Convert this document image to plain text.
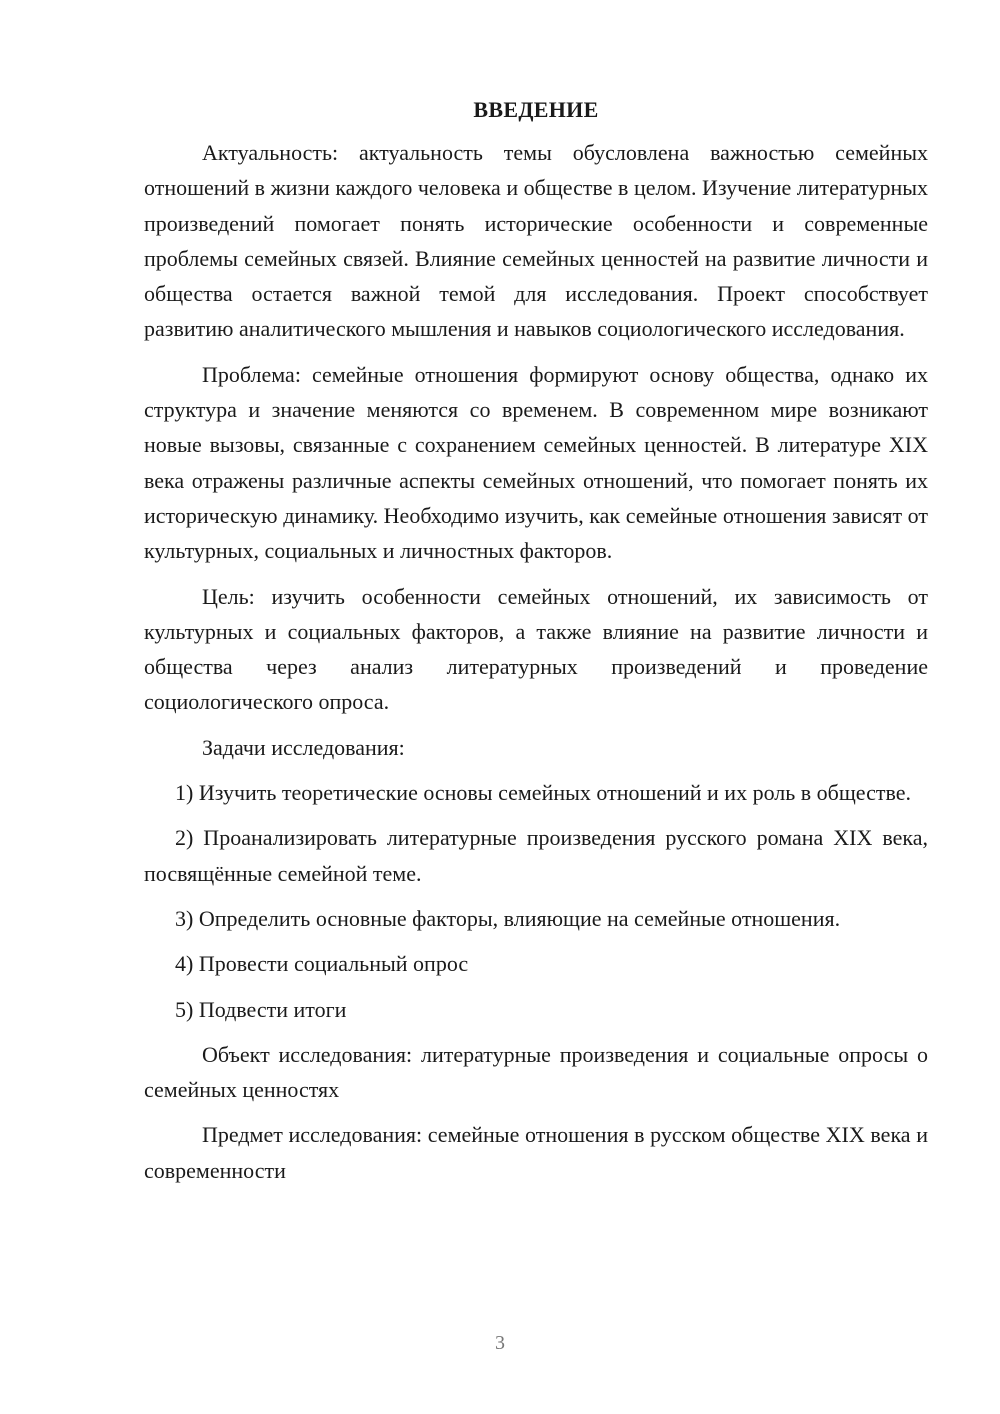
ВВЕДЕНИЕ

Актуальность: актуальность темы обусловлена важностью семейных отношений в жизни каждого человека и обществе в целом. Изучение литературных произведений помогает понять исторические особенности и современные проблемы семейных связей. Влияние семейных ценностей на развитие личности и общества остается важной темой для исследования. Проект способствует развитию аналитического мышления и навыков социологического исследования.

Проблема: семейные отношения формируют основу общества, однако их структура и значение меняются со временем. В современном мире возникают новые вызовы, связанные с сохранением семейных ценностей. В литературе XIX века отражены различные аспекты семейных отношений, что помогает понять их историческую динамику. Необходимо изучить, как семейные отношения зависят от культурных, социальных и личностных факторов.

Цель: изучить особенности семейных отношений, их зависимость от культурных и социальных факторов, а также влияние на развитие личности и общества через анализ литературных произведений и проведение социологического опроса.

Задачи исследования:

1) Изучить теоретические основы семейных отношений и их роль в обществе.

2) Проанализировать литературные произведения русского романа XIX века, посвящённые семейной теме.

3) Определить основные факторы, влияющие на семейные отношения.

4) Провести социальный опрос

5) Подвести итоги

Объект исследования: литературные произведения и социальные опросы о семейных ценностях

Предмет исследования: семейные отношения в русском обществе XIX века и современности

3
